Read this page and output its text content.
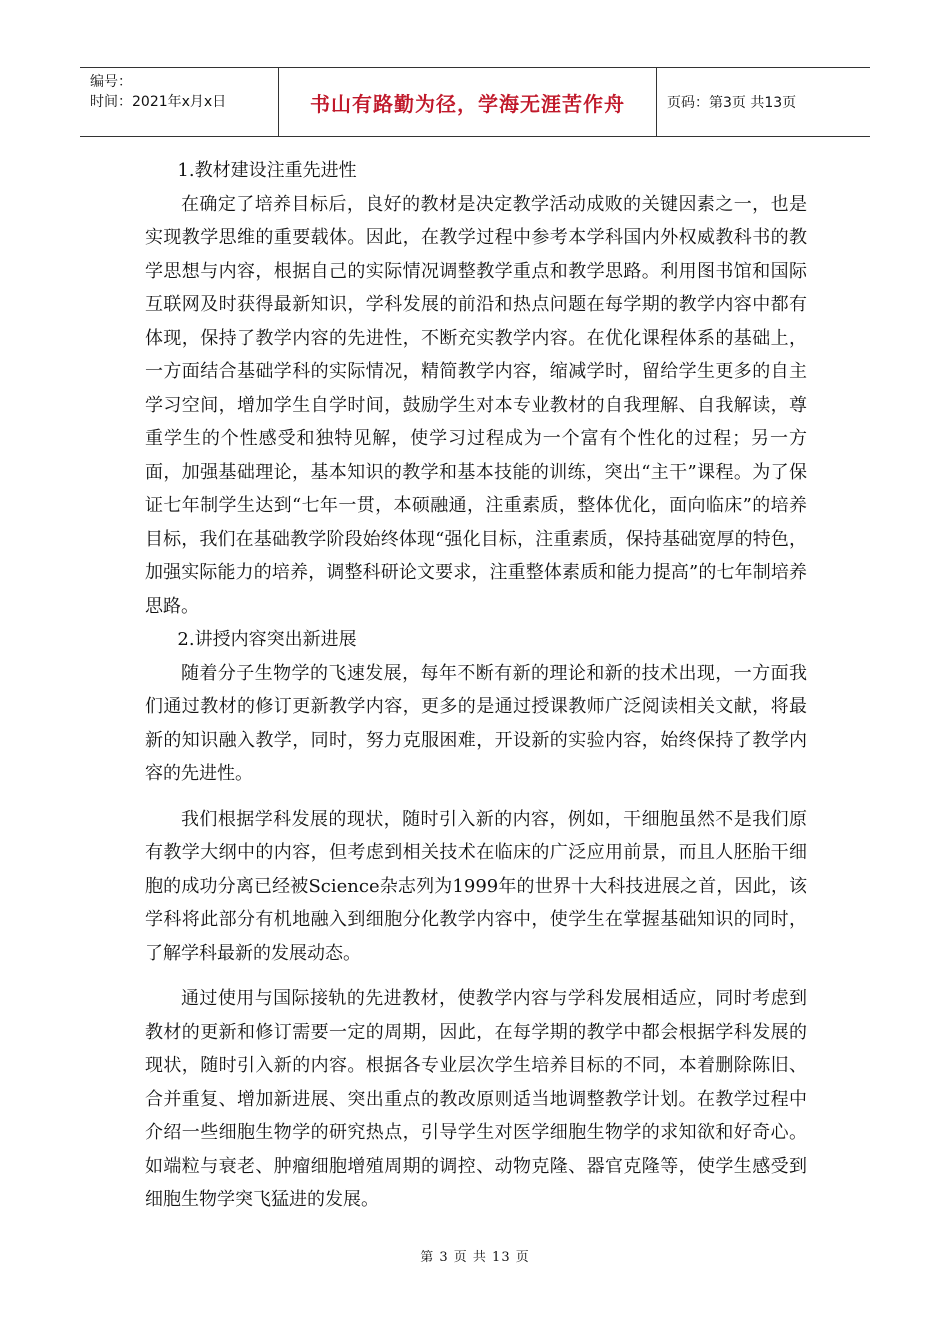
编号：
时间：2021年x月x日	书山有路勤为径，学海无涯苦作舟	页码：第3页 共13页

1.教材建设注重先进性

在确定了培养目标后，良好的教材是决定教学活动成败的关键因素之一，也是实现教学思维的重要载体。因此，在教学过程中参考本学科国内外权威教科书的教学思想与内容，根据自己的实际情况调整教学重点和教学思路。利用图书馆和国际互联网及时获得最新知识，学科发展的前沿和热点问题在每学期的教学内容中都有体现，保持了教学内容的先进性，不断充实教学内容。在优化课程体系的基础上，一方面结合基础学科的实际情况，精简教学内容，缩减学时，留给学生更多的自主学习空间，增加学生自学时间，鼓励学生对本专业教材的自我理解、自我解读，尊重学生的个性感受和独特见解，使学习过程成为一个富有个性化的过程；另一方面，加强基础理论，基本知识的教学和基本技能的训练，突出“主干”课程。为了保证七年制学生达到“七年一贯，本硕融通，注重素质，整体优化，面向临床”的培养目标，我们在基础教学阶段始终体现“强化目标，注重素质，保持基础宽厚的特色，加强实际能力的培养，调整科研论文要求，注重整体素质和能力提高”的七年制培养思路。

2.讲授内容突出新进展

随着分子生物学的飞速发展，每年不断有新的理论和新的技术出现，一方面我们通过教材的修订更新教学内容，更多的是通过授课教师广泛阅读相关文献，将最新的知识融入教学，同时，努力克服困难，开设新的实验内容，始终保持了教学内容的先进性。

我们根据学科发展的现状，随时引入新的内容，例如，干细胞虽然不是我们原有教学大纲中的内容，但考虑到相关技术在临床的广泛应用前景，而且人胚胎干细胞的成功分离已经被Science杂志列为1999年的世界十大科技进展之首，因此，该学科将此部分有机地融入到细胞分化教学内容中，使学生在掌握基础知识的同时，了解学科最新的发展动态。

通过使用与国际接轨的先进教材，使教学内容与学科发展相适应，同时考虑到教材的更新和修订需要一定的周期，因此，在每学期的教学中都会根据学科发展的现状，随时引入新的内容。根据各专业层次学生培养目标的不同，本着删除陈旧、合并重复、增加新进展、突出重点的教改原则适当地调整教学计划。在教学过程中介绍一些细胞生物学的研究热点，引导学生对医学细胞生物学的求知欲和好奇心。如端粒与衰老、肿瘤细胞增殖周期的调控、动物克隆、器官克隆等，使学生感受到细胞生物学突飞猛进的发展。

第 3 页 共 13 页
